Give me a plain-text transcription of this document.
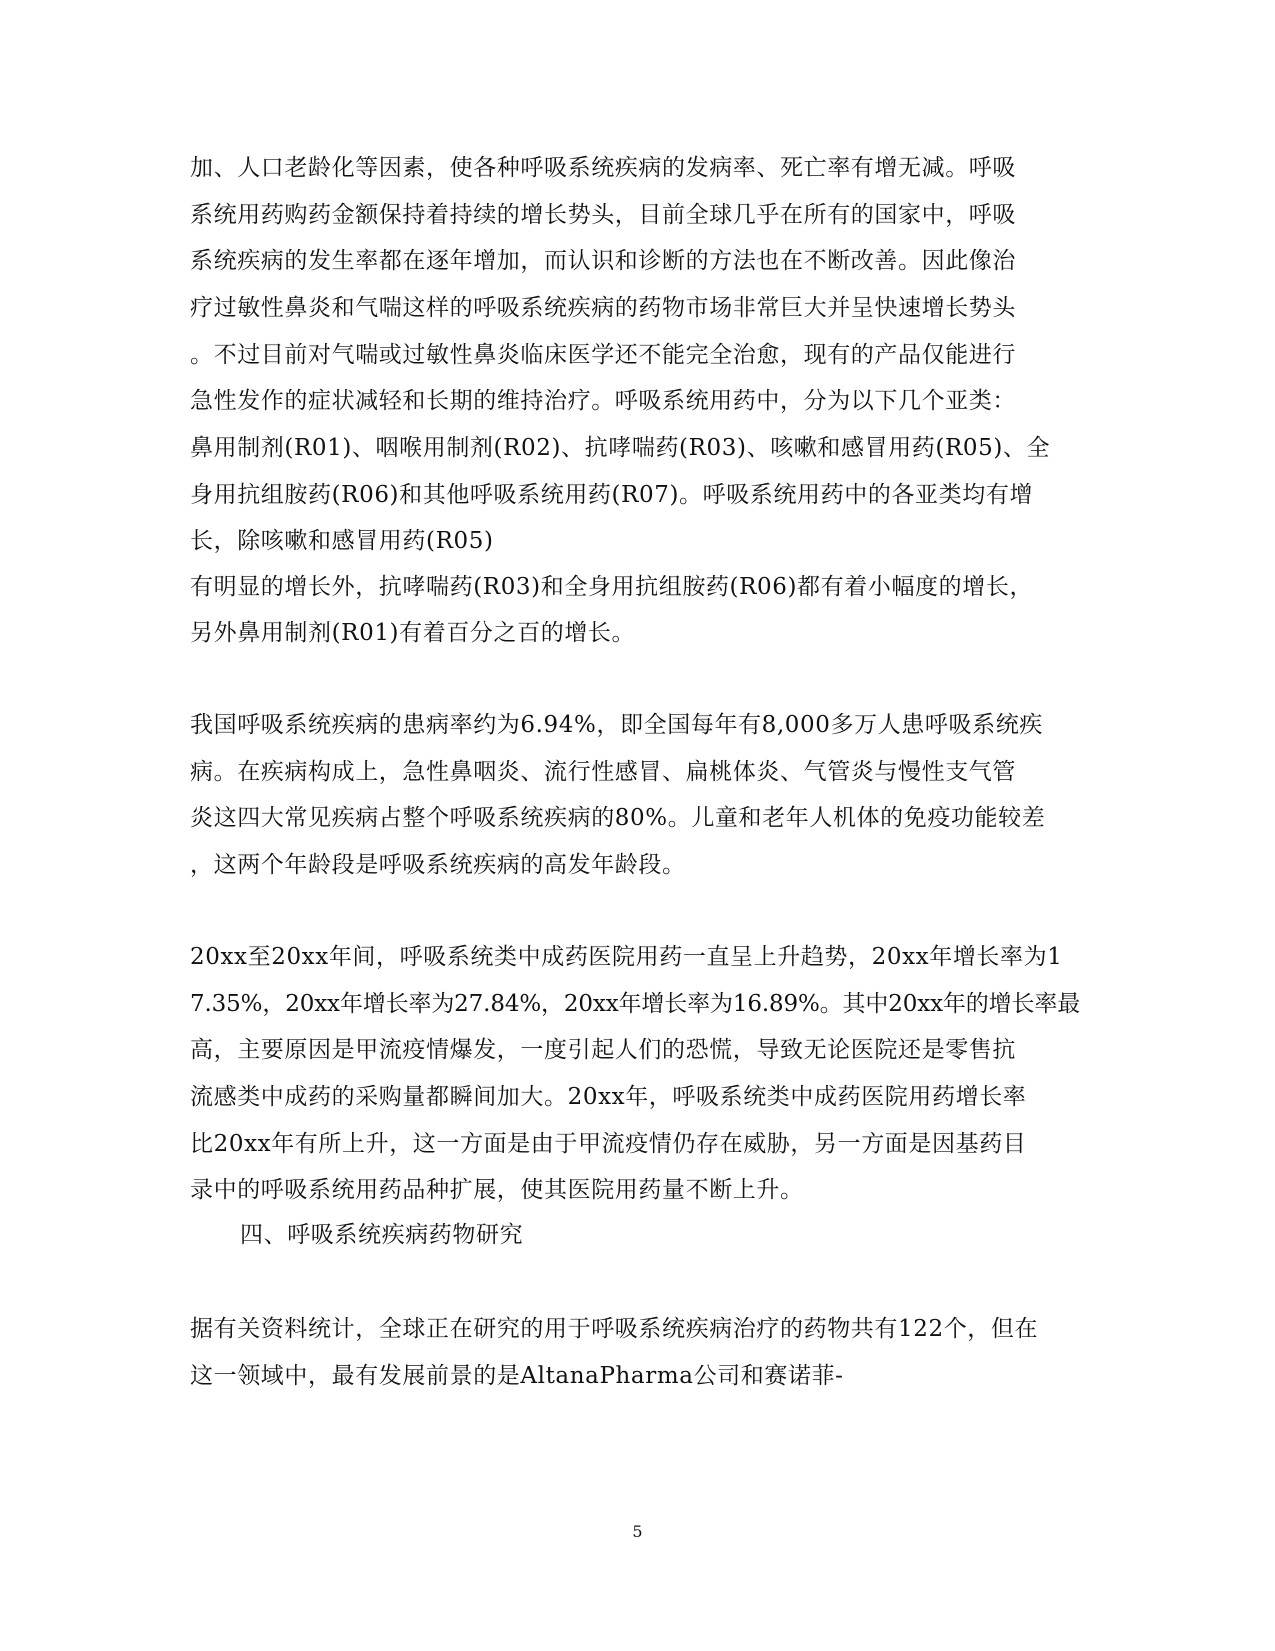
加、人口老龄化等因素，使各种呼吸系统疾病的发病率、死亡率有增无减。呼吸
系统用药购药金额保持着持续的增长势头，目前全球几乎在所有的国家中，呼吸
系统疾病的发生率都在逐年增加，而认识和诊断的方法也在不断改善。因此像治
疗过敏性鼻炎和气喘这样的呼吸系统疾病的药物市场非常巨大并呈快速增长势头
。不过目前对气喘或过敏性鼻炎临床医学还不能完全治愈，现有的产品仅能进行
急性发作的症状减轻和长期的维持治疗。呼吸系统用药中，分为以下几个亚类：
鼻用制剂(R01)、咽喉用制剂(R02)、抗哮喘药(R03)、咳嗽和感冒用药(R05)、全
身用抗组胺药(R06)和其他呼吸系统用药(R07)。呼吸系统用药中的各亚类均有增
长，除咳嗽和感冒用药(R05)
有明显的增长外，抗哮喘药(R03)和全身用抗组胺药(R06)都有着小幅度的增长，
另外鼻用制剂(R01)有着百分之百的增长。
我国呼吸系统疾病的患病率约为6.94%，即全国每年有8,000多万人患呼吸系统疾
病。在疾病构成上，急性鼻咽炎、流行性感冒、扁桃体炎、气管炎与慢性支气管
炎这四大常见疾病占整个呼吸系统疾病的80%。儿童和老年人机体的免疫功能较差
，这两个年龄段是呼吸系统疾病的高发年龄段。
20xx至20xx年间，呼吸系统类中成药医院用药一直呈上升趋势，20xx年增长率为1
7.35%，20xx年增长率为27.84%，20xx年增长率为16.89%。其中20xx年的增长率最
高，主要原因是甲流疫情爆发，一度引起人们的恐慌，导致无论医院还是零售抗
流感类中成药的采购量都瞬间加大。20xx年，呼吸系统类中成药医院用药增长率
比20xx年有所上升，这一方面是由于甲流疫情仍存在威胁，另一方面是因基药目
录中的呼吸系统用药品种扩展，使其医院用药量不断上升。
四、呼吸系统疾病药物研究
据有关资料统计，全球正在研究的用于呼吸系统疾病治疗的药物共有122个，但在
这一领域中，最有发展前景的是AltanaPharma公司和赛诺菲-
5
